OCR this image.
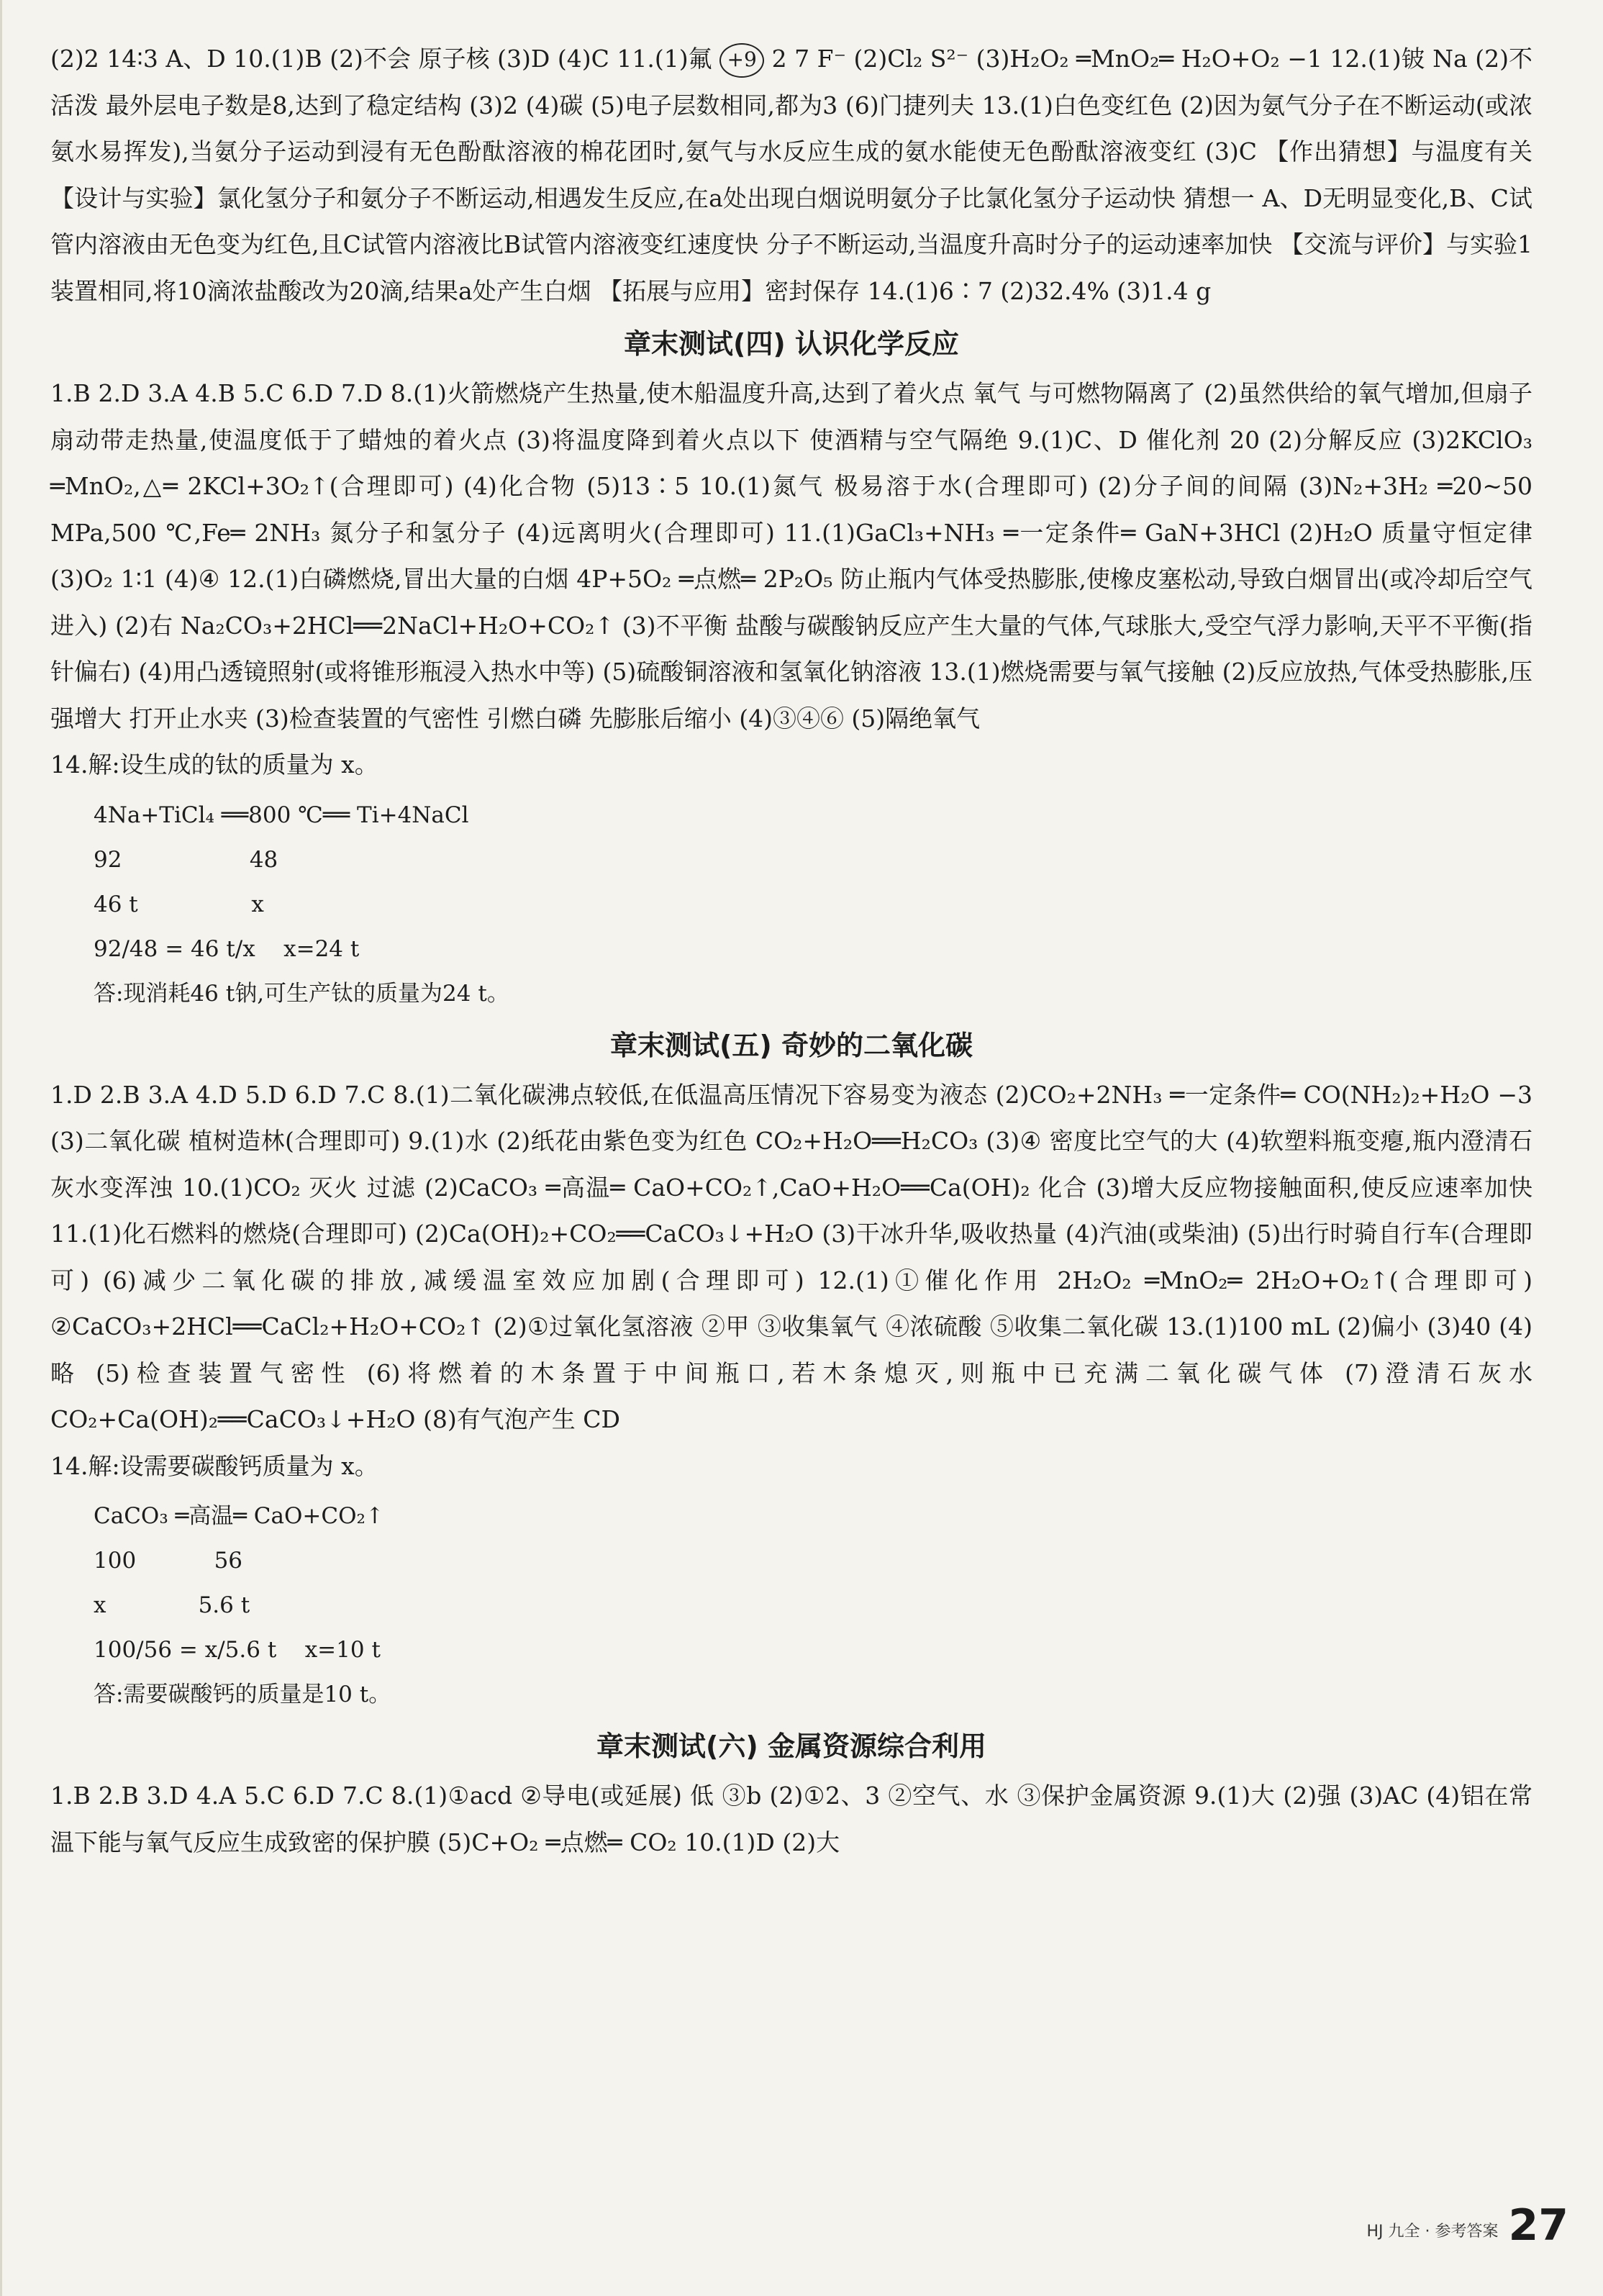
(2)2 14∶3 A、D 10.(1)B (2)不会 原子核 (3)D (4)C 11.(1)氟 +9 2 7 F⁻ (2)Cl₂ S²⁻ (3)H₂O₂ ═MnO₂═ H₂O+O₂ −1 12.(1)铍 Na (2)不活泼 最外层电子数是8,达到了稳定结构 (3)2 (4)碳 (5)电子层数相同,都为3 (6)门捷列夫 13.(1)白色变红色 (2)因为氨气分子在不断运动(或浓氨水易挥发),当氨分子运动到浸有无色酚酞溶液的棉花团时,氨气与水反应生成的氨水能使无色酚酞溶液变红 (3)C 【作出猜想】与温度有关 【设计与实验】氯化氢分子和氨分子不断运动,相遇发生反应,在a处出现白烟说明氨分子比氯化氢分子运动快 猜想一 A、D无明显变化,B、C试管内溶液由无色变为红色,且C试管内溶液比B试管内溶液变红速度快 分子不断运动,当温度升高时分子的运动速率加快 【交流与评价】与实验1装置相同,将10滴浓盐酸改为20滴,结果a处产生白烟 【拓展与应用】密封保存 14.(1)6∶7 (2)32.4% (3)1.4 g

章末测试(四) 认识化学反应

1.B 2.D 3.A 4.B 5.C 6.D 7.D 8.(1)火箭燃烧产生热量,使木船温度升高,达到了着火点 氧气 与可燃物隔离了 (2)虽然供给的氧气增加,但扇子扇动带走热量,使温度低于了蜡烛的着火点 (3)将温度降到着火点以下 使酒精与空气隔绝 9.(1)C、D 催化剂 20 (2)分解反应 (3)2KClO₃ ═MnO₂,△═ 2KCl+3O₂↑(合理即可) (4)化合物 (5)13∶5 10.(1)氮气 极易溶于水(合理即可) (2)分子间的间隔 (3)N₂+3H₂ ═20~50 MPa,500 ℃,Fe═ 2NH₃ 氮分子和氢分子 (4)远离明火(合理即可) 11.(1)GaCl₃+NH₃ ═一定条件═ GaN+3HCl (2)H₂O 质量守恒定律 (3)O₂ 1∶1 (4)④ 12.(1)白磷燃烧,冒出大量的白烟 4P+5O₂ ═点燃═ 2P₂O₅ 防止瓶内气体受热膨胀,使橡皮塞松动,导致白烟冒出(或冷却后空气进入) (2)右 Na₂CO₃+2HCl══2NaCl+H₂O+CO₂↑ (3)不平衡 盐酸与碳酸钠反应产生大量的气体,气球胀大,受空气浮力影响,天平不平衡(指针偏右) (4)用凸透镜照射(或将锥形瓶浸入热水中等) (5)硫酸铜溶液和氢氧化钠溶液 13.(1)燃烧需要与氧气接触 (2)反应放热,气体受热膨胀,压强增大 打开止水夹 (3)检查装置的气密性 引燃白磷 先膨胀后缩小 (4)③④⑥ (5)隔绝氧气

14.解:设生成的钛的质量为 x。

4Na+TiCl₄ ══800 ℃══ Ti+4NaCl
92                  48
46 t                x
92/48 = 46 t/x    x=24 t
答:现消耗46 t钠,可生产钛的质量为24 t。
章末测试(五) 奇妙的二氧化碳

1.D 2.B 3.A 4.D 5.D 6.D 7.C 8.(1)二氧化碳沸点较低,在低温高压情况下容易变为液态 (2)CO₂+2NH₃ ═一定条件═ CO(NH₂)₂+H₂O −3 (3)二氧化碳 植树造林(合理即可) 9.(1)水 (2)纸花由紫色变为红色 CO₂+H₂O══H₂CO₃ (3)④ 密度比空气的大 (4)软塑料瓶变瘪,瓶内澄清石灰水变浑浊 10.(1)CO₂ 灭火 过滤 (2)CaCO₃ ═高温═ CaO+CO₂↑,CaO+H₂O══Ca(OH)₂ 化合 (3)增大反应物接触面积,使反应速率加快 11.(1)化石燃料的燃烧(合理即可) (2)Ca(OH)₂+CO₂══CaCO₃↓+H₂O (3)干冰升华,吸收热量 (4)汽油(或柴油) (5)出行时骑自行车(合理即可) (6)减少二氧化碳的排放,减缓温室效应加剧(合理即可) 12.(1)①催化作用 2H₂O₂ ═MnO₂═ 2H₂O+O₂↑(合理即可) ②CaCO₃+2HCl══CaCl₂+H₂O+CO₂↑ (2)①过氧化氢溶液 ②甲 ③收集氧气 ④浓硫酸 ⑤收集二氧化碳 13.(1)100 mL (2)偏小 (3)40 (4)略 (5)检查装置气密性 (6)将燃着的木条置于中间瓶口,若木条熄灭,则瓶中已充满二氧化碳气体 (7)澄清石灰水 CO₂+Ca(OH)₂══CaCO₃↓+H₂O (8)有气泡产生 CD

14.解:设需要碳酸钙质量为 x。

CaCO₃ ═高温═ CaO+CO₂↑
100           56
x             5.6 t
100/56 = x/5.6 t    x=10 t
答:需要碳酸钙的质量是10 t。
章末测试(六) 金属资源综合利用

1.B 2.B 3.D 4.A 5.C 6.D 7.C 8.(1)①acd ②导电(或延展) 低 ③b (2)①2、3 ②空气、水 ③保护金属资源 9.(1)大 (2)强 (3)AC (4)铝在常温下能与氧气反应生成致密的保护膜 (5)C+O₂ ═点燃═ CO₂ 10.(1)D (2)大

HJ 九全 · 参考答案 27
